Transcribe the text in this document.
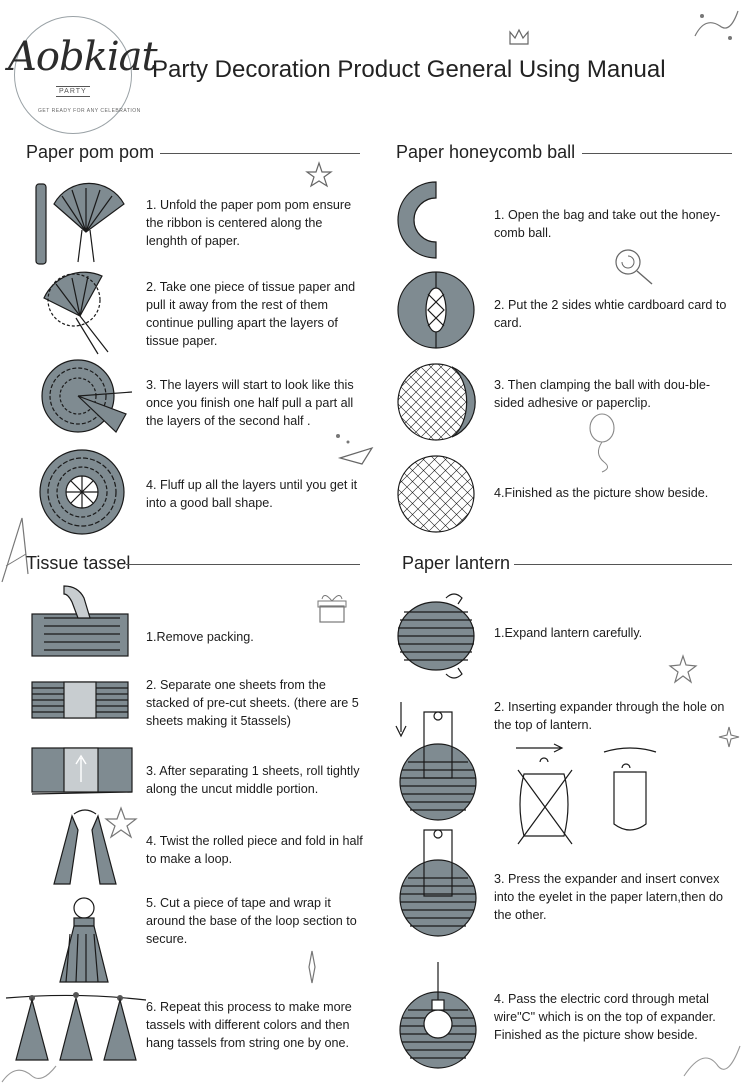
Aobkiat
PARTY
GET READY FOR ANY CELEBRATION
Party Decoration Product General Using Manual
Paper pom pom	Paper honeycomb ball
Tissue tassel	Paper lantern
1. Unfold the paper pom pom ensure the ribbon is centered along the lenghth of paper.
2. Take one piece of tissue paper and pull it away from the rest of them continue pulling apart the layers of tissue paper.
3. The layers will start to look like this once you finish one half pull a part all the layers of the second half .
4. Fluff up all the layers until you get it into a good ball shape.
1. Open the bag and take out the honey-comb ball.
2. Put the 2 sides whtie cardboard card to card.
3. Then clamping the ball with dou-ble-sided adhesive or paperclip.
4.Finished as the picture show beside.
1.Remove packing.
2. Separate one sheets from the stacked of pre-cut sheets. (there are 5 sheets making it 5tassels)
3. After separating 1 sheets, roll tightly along the uncut middle portion.
4. Twist the rolled piece and fold in half to make a loop.
5. Cut a piece of tape and wrap it around the base of the loop section to secure.
6. Repeat this process to make more tassels with different colors and then hang tassels from string one by one.
1.Expand lantern carefully.
2. Inserting expander through the hole on the top of lantern.
3. Press the expander and insert convex into the eyelet in the paper latern,then do the other.
4. Pass the electric cord through metal wire"C" which is on the top of expander. Finished as the picture show beside.
